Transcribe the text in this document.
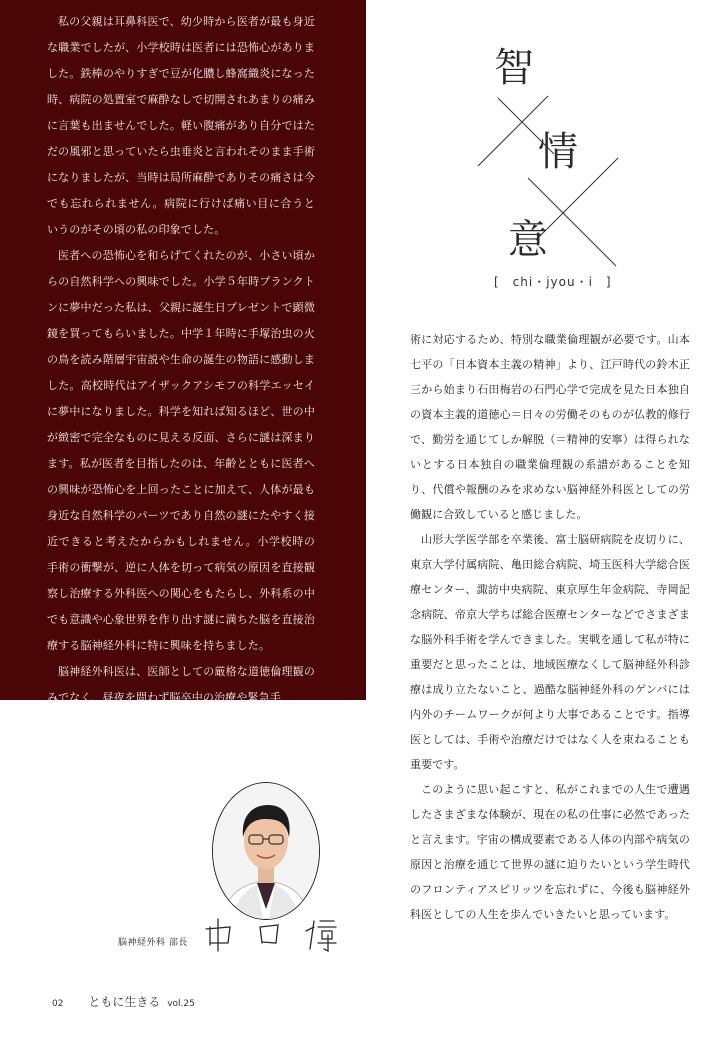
私の父親は耳鼻科医で、幼少時から医者が最も身近な職業でしたが、小学校時は医者には恐怖心がありました。鉄棒のやりすぎで豆が化膿し蜂窩織炎になった時、病院の処置室で麻酔なしで切開されあまりの痛みに言葉も出ませんでした。軽い腹痛があり自分ではただの風邪と思っていたら虫垂炎と言われそのまま手術になりましたが、当時は局所麻酔でありその痛さは今でも忘れられません。病院に行けば痛い目に合うというのがその頃の私の印象でした。

医者への恐怖心を和らげてくれたのが、小さい頃からの自然科学への興味でした。小学５年時プランクトンに夢中だった私は、父親に誕生日プレゼントで顕微鏡を買ってもらいました。中学１年時に手塚治虫の火の鳥を読み階層宇宙説や生命の誕生の物語に感動しました。高校時代はアイザックアシモフの科学エッセイに夢中になりました。科学を知れば知るほど、世の中が緻密で完全なものに見える反面、さらに謎は深まります。私が医者を目指したのは、年齢とともに医者への興味が恐怖心を上回ったことに加えて、人体が最も身近な自然科学のパーツであり自然の謎にたやすく接近できると考えたからかもしれません。小学校時の手術の衝撃が、逆に人体を切って病気の原因を直接観察し治療する外科医への関心をもたらし、外科系の中でも意識や心象世界を作り出す謎に満ちた脳を直接治療する脳神経外科に特に興味を持ちました。

脳神経外科医は、医師としての厳格な道徳倫理観のみでなく、昼夜を問わず脳卒中の治療や緊急手

智
情
意
[　chi・jyou・i　]

術に対応するため、特別な職業倫理観が必要です。山本七平の「日本資本主義の精神」より、江戸時代の鈴木正三から始まり石田梅岩の石門心学で完成を見た日本独自の資本主義的道徳心＝日々の労働そのものが仏教的修行で、勤労を通じてしか解脱（＝精神的安寧）は得られないとする日本独自の職業倫理観の系譜があることを知り、代償や報酬のみを求めない脳神経外科医としての労働観に合致していると感じました。

山形大学医学部を卒業後、富士脳研病院を皮切りに、東京大学付属病院、亀田総合病院、埼玉医科大学総合医療センター、諏訪中央病院、東京厚生年金病院、寺岡記念病院、帝京大学ちば総合医療センターなどでさまざまな脳外科手術を学んできました。実戦を通して私が特に重要だと思ったことは、地域医療なくして脳神経外科診療は成り立たないこと、過酷な脳神経外科のゲンバには内外のチームワークが何より大事であることです。指導医としては、手術や治療だけではなく人を束ねることも重要です。

このように思い起こすと、私がこれまでの人生で遭遇したさまざまな体験が、現在の私の仕事に必然であったと言えます。宇宙の構成要素である人体の内部や病気の原因と治療を通じて世界の謎に迫りたいという学生時代のフロンティアスピリッツを忘れずに、今後も脳神経外科医としての人生を歩んでいきたいと思っています。

脳神経外科 部長
02 ともに生きる vol.25
